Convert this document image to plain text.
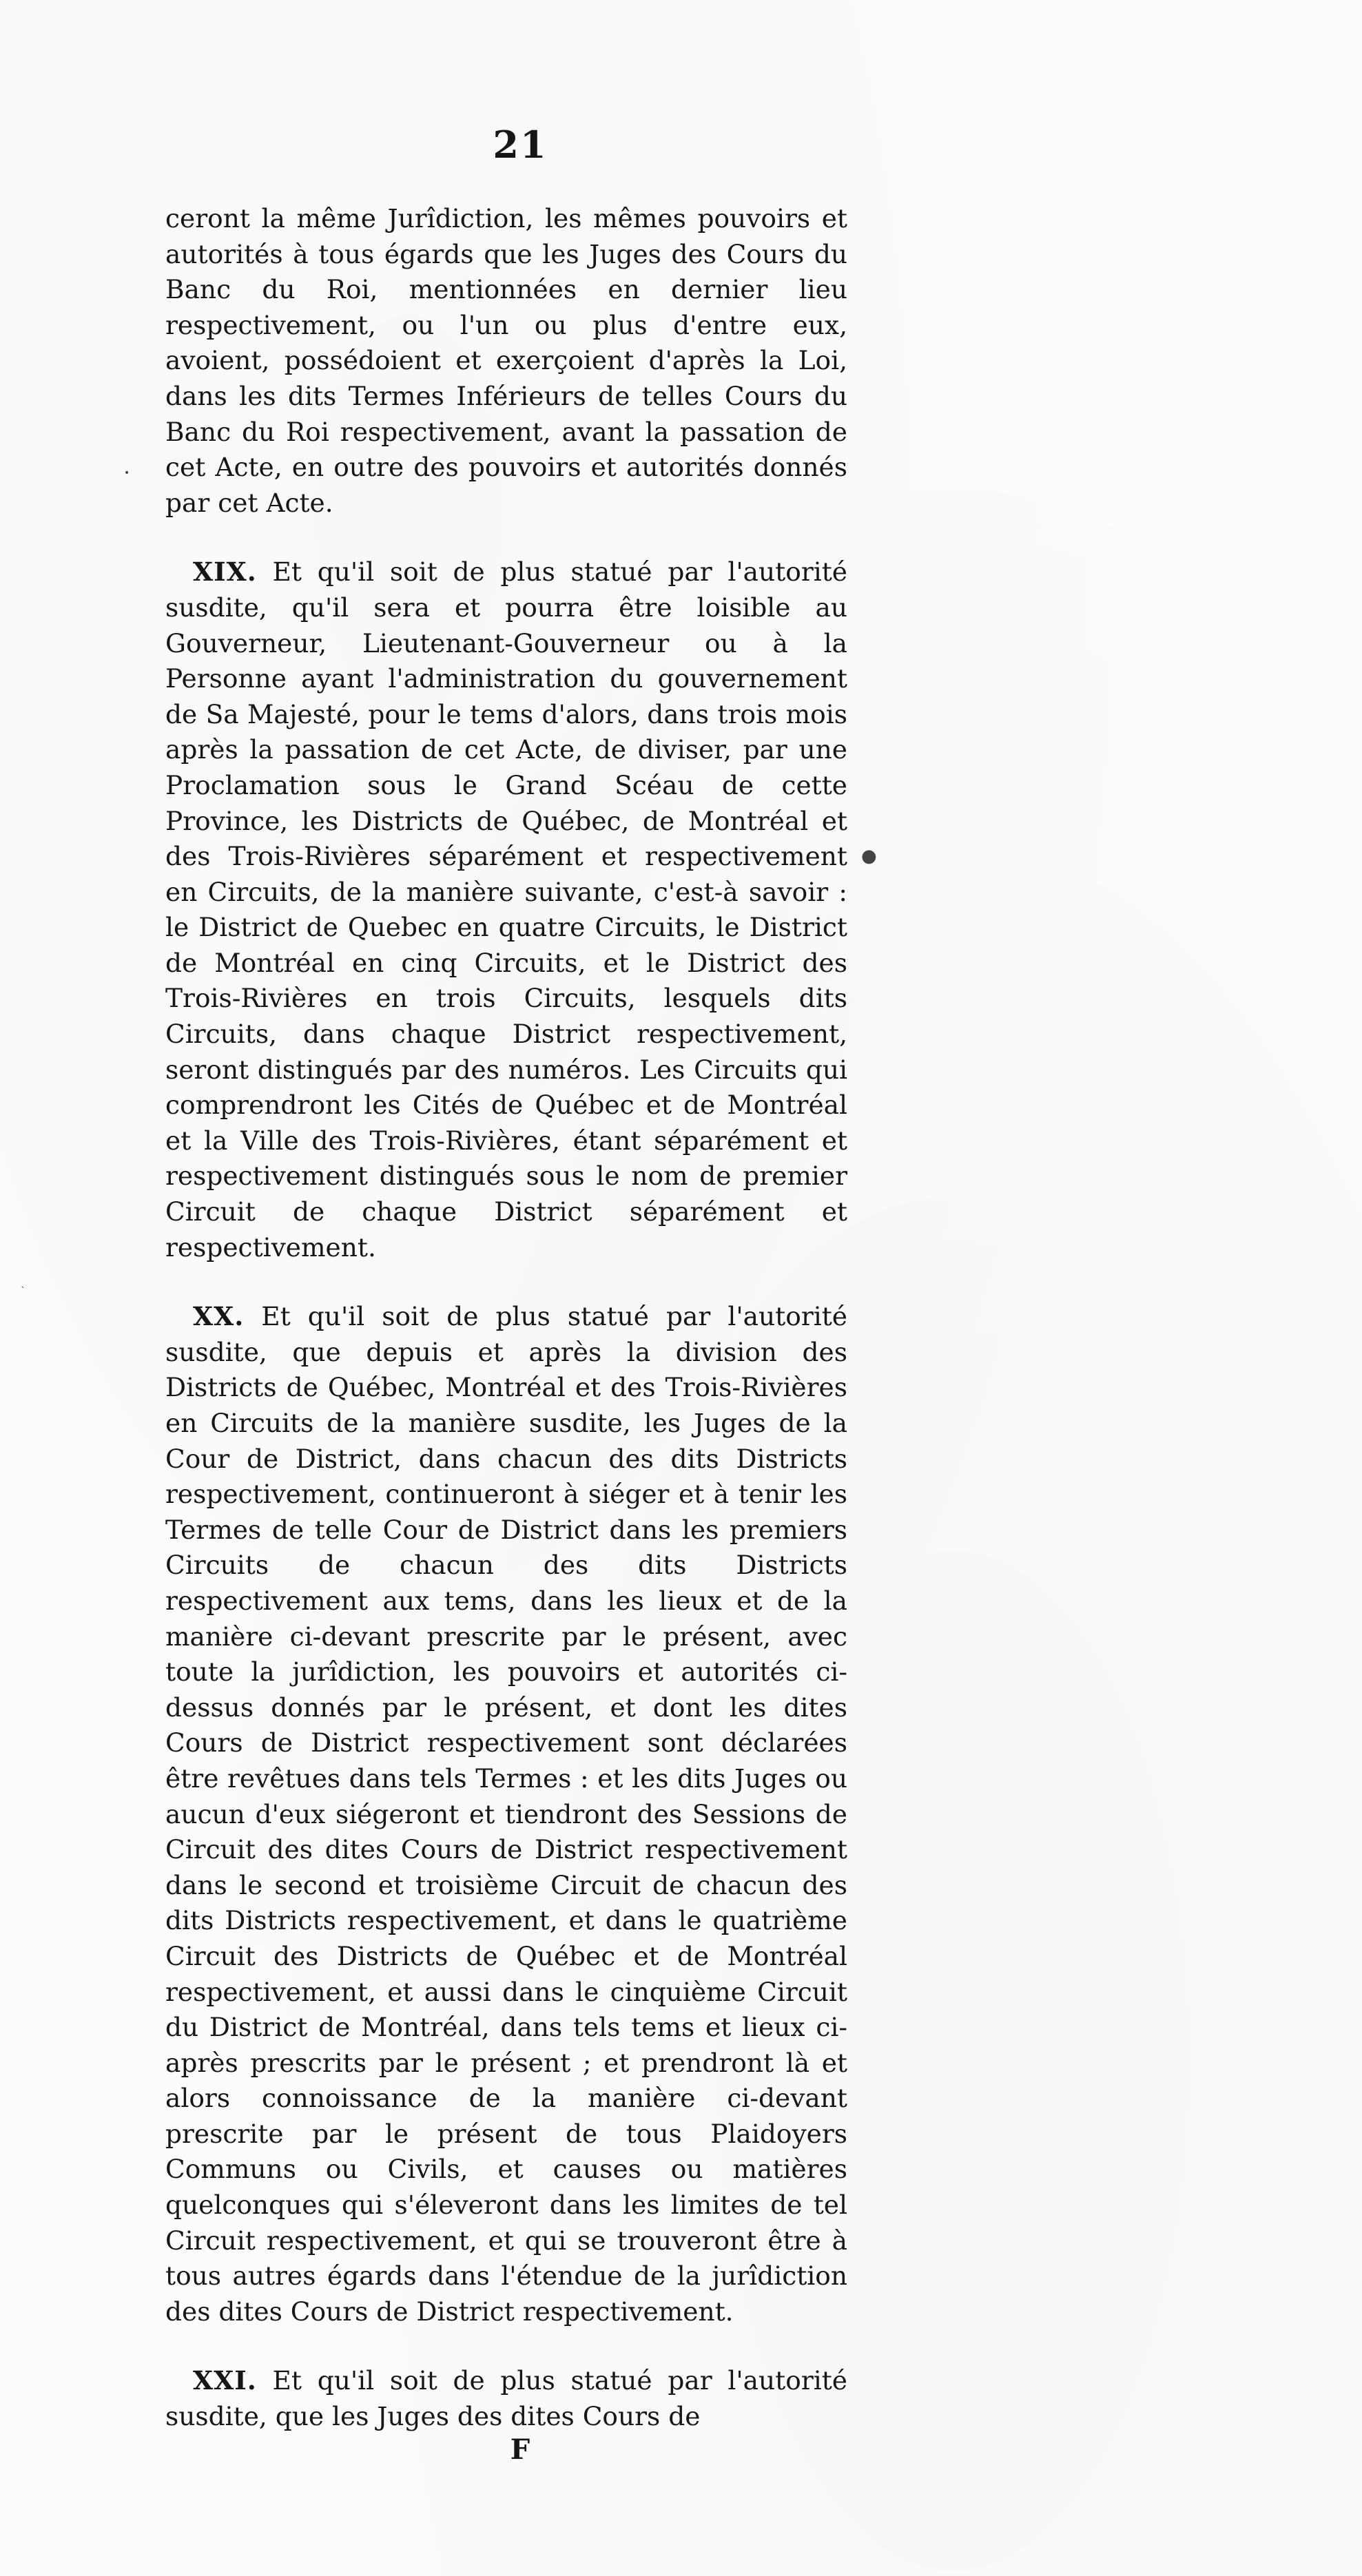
21

ceront la même Jurîdiction, les mêmes pouvoirs et autorités à tous égards que les Juges des Cours du Banc du Roi, mentionnées en dernier lieu respectivement, ou l'un ou plus d'entre eux, avoient, possédoient et exerçoient d'après la Loi, dans les dits Termes Inférieurs de telles Cours du Banc du Roi respectivement, avant la passation de cet Acte, en outre des pouvoirs et autorités donnés par cet Acte.

XIX. Et qu'il soit de plus statué par l'autorité susdite, qu'il sera et pourra être loisible au Gouverneur, Lieutenant-Gouverneur ou à la Personne ayant l'administration du gouvernement de Sa Majesté, pour le tems d'alors, dans trois mois après la passation de cet Acte, de diviser, par une Proclamation sous le Grand Scéau de cette Province, les Districts de Québec, de Montréal et des Trois-Rivières séparément et respectivement en Circuits, de la manière suivante, c'est-à savoir : le District de Quebec en quatre Circuits, le District de Montréal en cinq Circuits, et le District des Trois-Rivières en trois Circuits, lesquels dits Circuits, dans chaque District respectivement, seront distingués par des numéros. Les Circuits qui comprendront les Cités de Québec et de Montréal et la Ville des Trois-Rivières, étant séparément et respectivement distingués sous le nom de premier Circuit de chaque District séparément et respectivement.

XX. Et qu'il soit de plus statué par l'autorité susdite, que depuis et après la division des Districts de Québec, Montréal et des Trois-Rivières en Circuits de la manière susdite, les Juges de la Cour de District, dans chacun des dits Districts respectivement, continueront à siéger et à tenir les Termes de telle Cour de District dans les premiers Circuits de chacun des dits Districts respectivement aux tems, dans les lieux et de la manière ci-devant prescrite par le présent, avec toute la jurîdiction, les pouvoirs et autorités ci-dessus donnés par le présent, et dont les dites Cours de District respectivement sont déclarées être revêtues dans tels Termes : et les dits Juges ou aucun d'eux siégeront et tiendront des Sessions de Circuit des dites Cours de District respectivement dans le second et troisième Circuit de chacun des dits Districts respectivement, et dans le quatrième Circuit des Districts de Québec et de Montréal respectivement, et aussi dans le cinquième Circuit du District de Montréal, dans tels tems et lieux ci-après prescrits par le présent ; et prendront là et alors connoissance de la manière ci-devant prescrite par le présent de tous Plaidoyers Communs ou Civils, et causes ou matières quelconques qui s'éleveront dans les limites de tel Circuit respectivement, et qui se trouveront être à tous autres égards dans l'étendue de la jurîdiction des dites Cours de District respectivement.

XXI. Et qu'il soit de plus statué par l'autorité susdite, que les Juges des dites Cours de

F
●
•
`
